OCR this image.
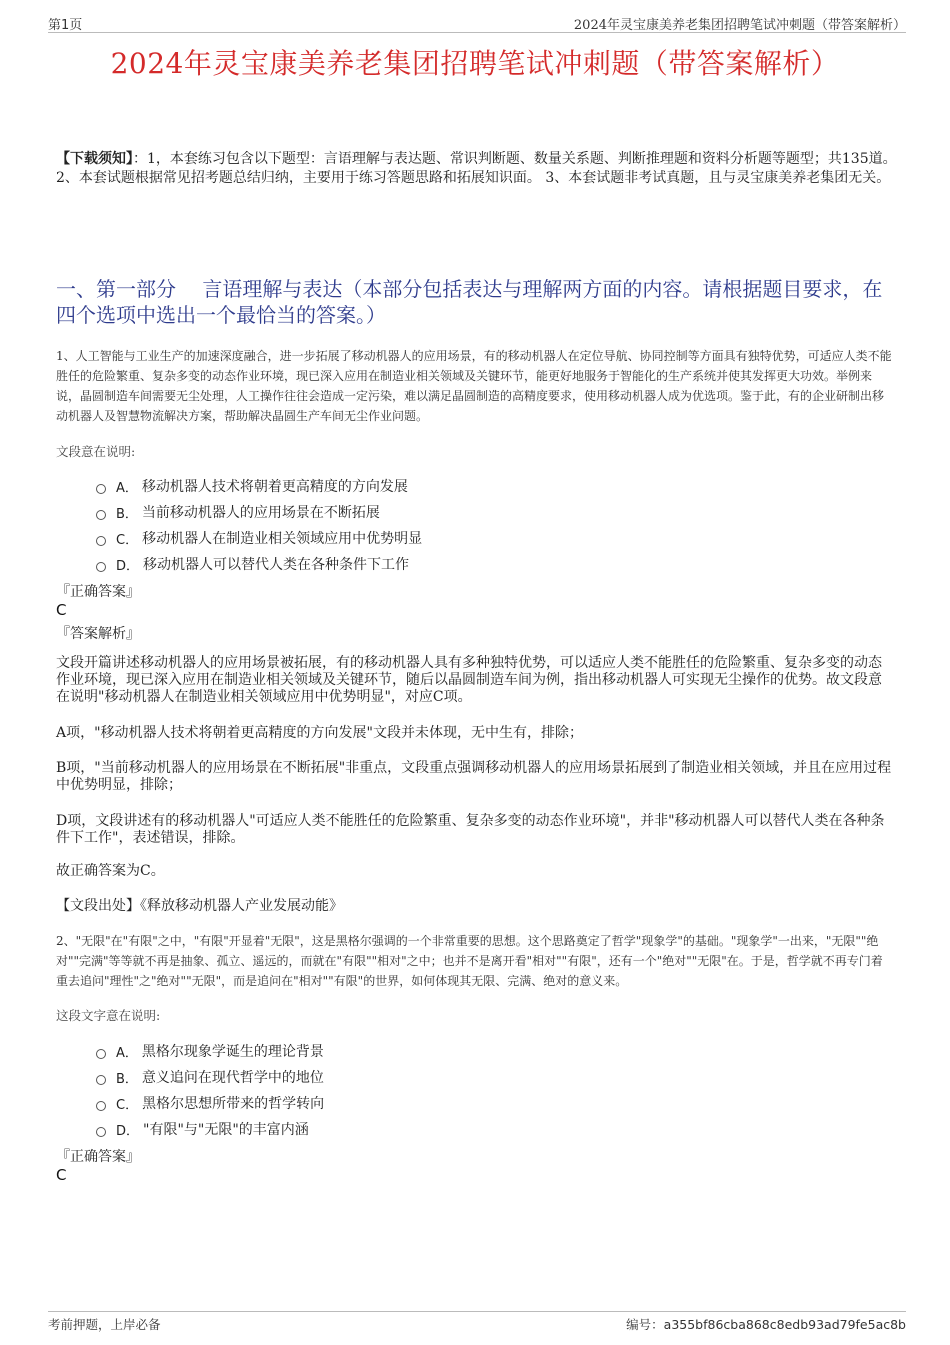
第1页	2024年灵宝康美养老集团招聘笔试冲刺题（带答案解析）
2024年灵宝康美养老集团招聘笔试冲刺题（带答案解析）
【下载须知】：1，本套练习包含以下题型：言语理解与表达题、常识判断题、数量关系题、判断推理题和资料分析题等题型；共135道。 2、本套试题根据常见招考题总结归纳，主要用于练习答题思路和拓展知识面。 3、本套试题非考试真题，且与灵宝康美养老集团无关。
一、第一部分　 言语理解与表达（本部分包括表达与理解两方面的内容。请根据题目要求，在四个选项中选出一个最恰当的答案。）
1、人工智能与工业生产的加速深度融合，进一步拓展了移动机器人的应用场景，有的移动机器人在定位导航、协同控制等方面具有独特优势，可适应人类不能胜任的危险繁重、复杂多变的动态作业环境，现已深入应用在制造业相关领域及关键环节，能更好地服务于智能化的生产系统并使其发挥更大功效。举例来说，晶圆制造车间需要无尘处理，人工操作往往会造成一定污染，难以满足晶圆制造的高精度要求，使用移动机器人成为优选项。鉴于此，有的企业研制出移动机器人及智慧物流解决方案，帮助解决晶圆生产车间无尘作业问题。
文段意在说明:
A． 移动机器人技术将朝着更高精度的方向发展
B． 当前移动机器人的应用场景在不断拓展
C． 移动机器人在制造业相关领域应用中优势明显
D． 移动机器人可以替代人类在各种条件下工作
『正确答案』
C
『答案解析』
文段开篇讲述移动机器人的应用场景被拓展，有的移动机器人具有多种独特优势，可以适应人类不能胜任的危险繁重、复杂多变的动态作业环境，现已深入应用在制造业相关领域及关键环节，随后以晶圆制造车间为例，指出移动机器人可实现无尘操作的优势。故文段意在说明"移动机器人在制造业相关领域应用中优势明显"，对应C项。
A项，"移动机器人技术将朝着更高精度的方向发展"文段并未体现，无中生有，排除；
B项，"当前移动机器人的应用场景在不断拓展"非重点，文段重点强调移动机器人的应用场景拓展到了制造业相关领域，并且在应用过程中优势明显，排除；
D项，文段讲述有的移动机器人"可适应人类不能胜任的危险繁重、复杂多变的动态作业环境"，并非"移动机器人可以替代人类在各种条件下工作"，表述错误，排除。
故正确答案为C。
【文段出处】《释放移动机器人产业发展动能》
2、"无限"在"有限"之中，"有限"开显着"无限"，这是黑格尔强调的一个非常重要的思想。这个思路奠定了哲学"现象学"的基础。"现象学"一出来，"无限""绝对""完满"等等就不再是抽象、孤立、遥远的，而就在"有限""相对"之中；也并不是离开看"相对""有限"，还有一个"绝对""无限"在。于是，哲学就不再专门着重去追问"理性"之"绝对""无限"，而是追问在"相对""有限"的世界，如何体现其无限、完满、绝对的意义来。
这段文字意在说明:
A． 黑格尔现象学诞生的理论背景
B． 意义追问在现代哲学中的地位
C． 黑格尔思想所带来的哲学转向
D． "有限"与"无限"的丰富内涵
『正确答案』
C
考前押题，上岸必备	编号：a355bf86cba868c8edb93ad79fe5ac8b
